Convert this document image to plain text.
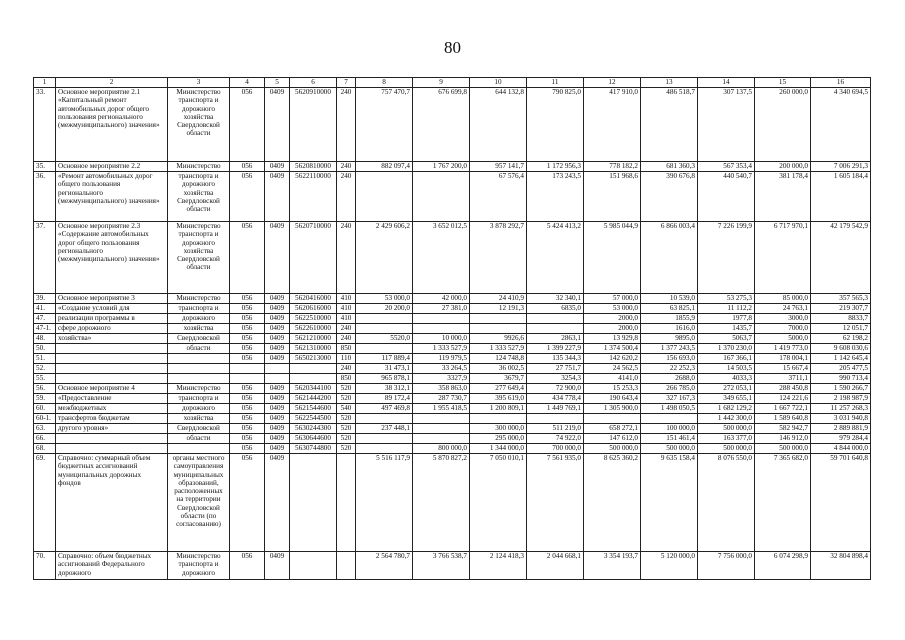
80
1	2	3	4	5	6	7	8	9	10	11	12	13	14	15	16
33.	Основное мероприятие 2.1 «Капитальный ремонт автомобильных дорог общего пользования регионального (межмуниципального) значения»	Министерство транспорта и дорожного хозяйства Свердловской области	056	0409	5620910000	240	757 470,7	676 699,8	644 132,8	790 825,0	417 910,0	486 518,7	307 137,5	260 000,0	4 340 694,5
35.	Основное мероприятие 2.2	Министерство	056	0409	5620810000	240	882 097,4	1 767 200,0	957 141,7	1 172 956,3	778 182,2	681 360,3	567 353,4	200 000,0	7 006 291,3
36.	«Ремонт автомобильных дорог общего пользования регионального (межмуниципального) значения»	транспорта и дорожного хозяйства Свердловской области	056	0409	5622110000	240			67 576,4	173 243,5	151 968,6	390 676,8	440 540,7	381 178,4	1 605 184,4
37.	Основное мероприятие 2.3 «Содержание автомобильных дорог общего пользования регионального (межмуниципального) значения»	Министерство транспорта и дорожного хозяйства Свердловской области	056	0409	5620710000	240	2 429 606,2	3 652 012,5	3 878 292,7	5 424 413,2	5 985 044,9	6 866 003,4	7 226 199,9	6 717 970,1	42 179 542,9
39.	Основное мероприятие 3	Министерство	056	0409	5620416000	410	53 000,0	42 000,0	24 410,9	32 340,1	57 000,0	10 539,0	53 275,3	85 000,0	357 565,3
41.	«Создание условий для	транспорта и	056	0409	5620616000	410	20 200,0	27 381,0	12 191,3	6835,0	53 000,0	63 825,1	11 112,2	24 763,1	219 307,7
47.	реализации программы в	дорожного	056	0409	5622510000	410					2000,0	1855,9	1977,8	3000,0	8833,7
47-1.	сфере дорожного	хозяйства	056	0409	5622610000	240					2000,0	1616,0	1435,7	7000,0	12 051,7
48.	хозяйства»	Свердловской	056	0409	5621210000	240	5520,0	10 000,0	9926,6	2863,1	13 929,8	9895,0	5063,7	5000,0	62 198,2
50.		области	056	0409	5621310000	850		1 333 527,9	1 333 527,9	1 399 227,9	1 374 500,4	1 377 243,5	1 370 230,0	1 419 773,0	9 608 030,6
51.			056	0409	5650213000	110	117 889,4	119 979,5	124 748,8	135 344,3	142 620,2	156 693,0	167 366,1	178 004,1	1 142 645,4
52.						240	31 473,1	33 264,5	36 002,5	27 751,7	24 562,5	22 252,3	14 503,5	15 667,4	205 477,5
55.						850	965 878,1	3327,9	3679,7	3254,3	4141,0	2688,0	4033,3	3711,1	990 713,4
56.	Основное мероприятие 4	Министерство	056	0409	5620344100	520	38 312,1	358 863,0	277 649,4	72 900,0	15 253,3	266 785,0	272 053,1	288 450,8	1 590 266,7
59.	«Предоставление	транспорта и	056	0409	5621444200	520	89 172,4	287 730,7	395 619,0	434 778,4	190 643,4	327 167,3	349 655,1	124 221,6	2 198 987,9
60.	межбюджетных	дорожного	056	0409	5621544600	540	497 469,8	1 955 418,5	1 200 809,1	1 449 769,1	1 305 900,0	1 498 050,5	1 682 129,2	1 667 722,1	11 257 268,3
60-1.	трансфертов бюджетам	хозяйства	056	0409	5622544500	520							1 442 300,0	1 589 640,8	3 031 940,8
63.	другого уровня»	Свердловской	056	0409	5630244300	520	237 448,1		300 000,0	511 219,0	658 272,1	100 000,0	500 000,0	582 942,7	2 889 881,9
66.		области	056	0409	5630644600	520			295 000,0	74 922,0	147 612,0	151 461,4	163 377,0	146 912,0	979 284,4
68.			056	0409	5630744800	520		800 000,0	1 344 000,0	700 000,0	500 000,0	500 000,0	500 000,0	500 000,0	4 844 000,0
69.	Справочно: суммарный объем бюджетных ассигнований муниципальных дорожных фондов	органы местного самоуправления муниципальных образований, расположенных на территории Свердловской области (по согласованию)	056	0409			5 516 117,9	5 870 827,2	7 050 010,1	7 561 935,0	8 625 360,2	9 635 158,4	8 076 550,0	7 365 682,0	59 701 640,8
70.	Справочно: объем бюджетных ассигнований Федерального дорожного	Министерство транспорта и дорожного	056	0409			2 564 780,7	3 766 538,7	2 124 418,3	2 044 668,1	3 354 193,7	5 120 000,0	7 756 000,0	6 074 298,9	32 804 898,4
